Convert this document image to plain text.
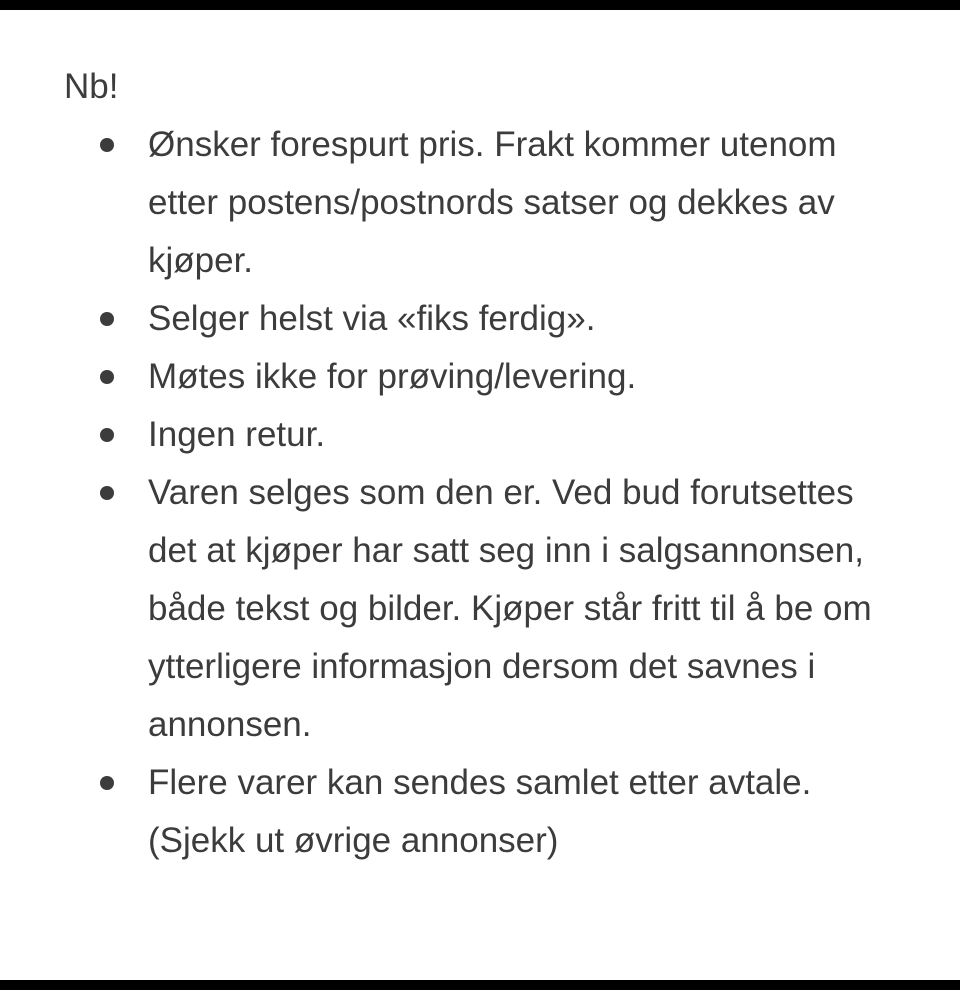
Nb!

Ønsker forespurt pris. Frakt kommer utenom etter postens/postnords satser og dekkes av kjøper.
Selger helst via «fiks ferdig».
Møtes ikke for prøving/levering.
Ingen retur.
Varen selges som den er. Ved bud forutsettes det at kjøper har satt seg inn i salgsannonsen, både tekst og bilder. Kjøper står fritt til å be om ytterligere informasjon dersom det savnes i annonsen.
Flere varer kan sendes samlet etter avtale. (Sjekk ut øvrige annonser)
